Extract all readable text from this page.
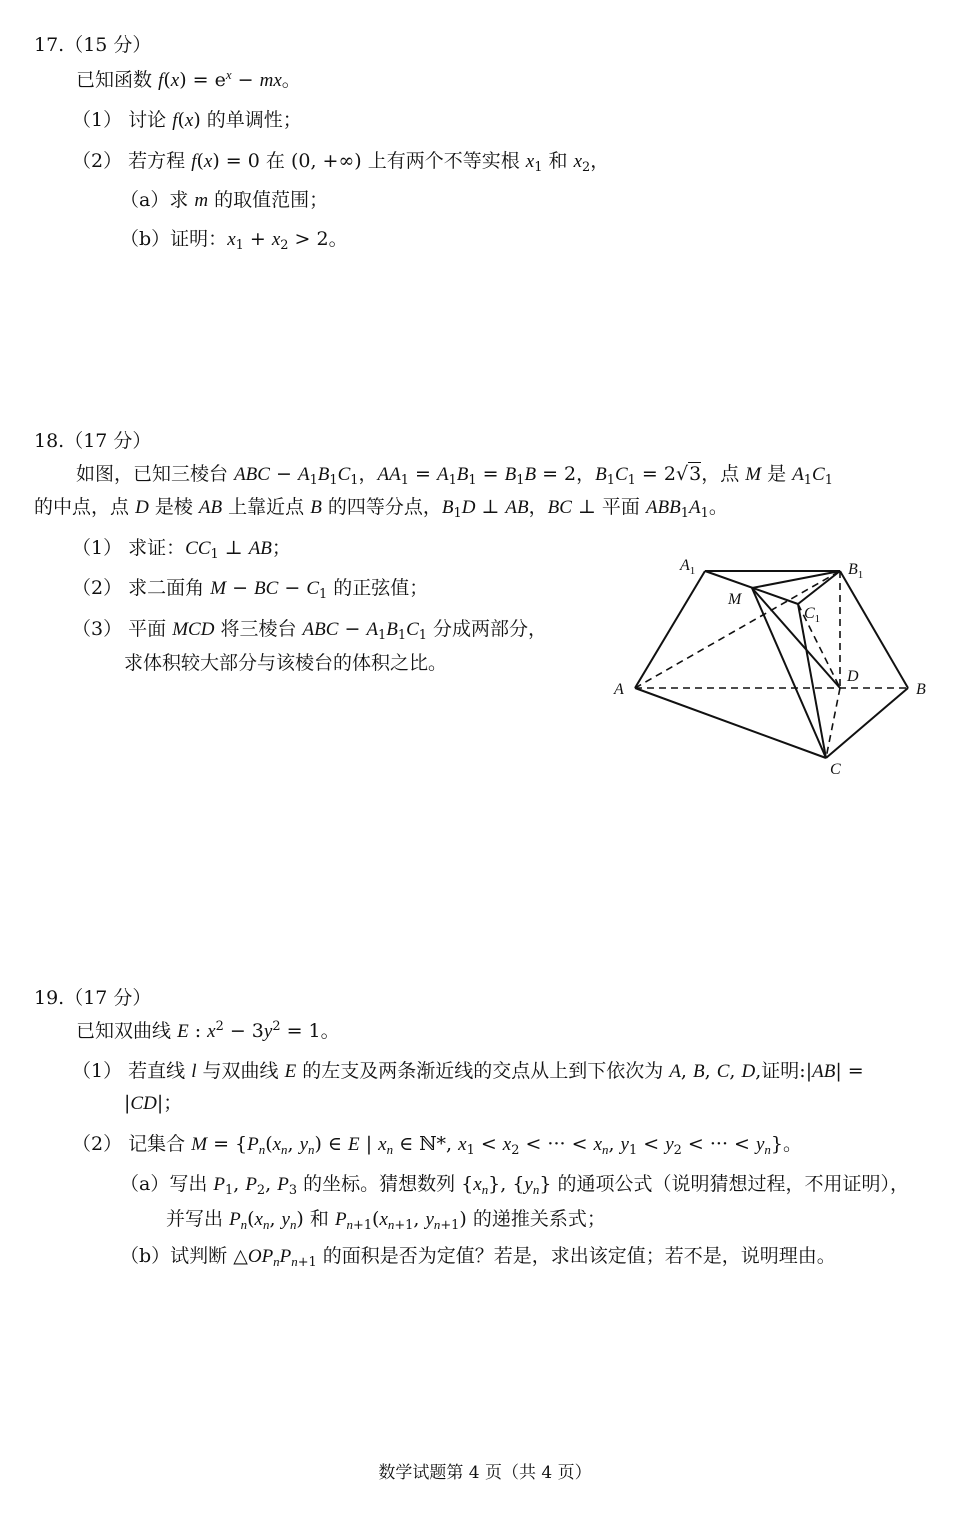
17.（15 分）
已知函数 $f(x) = e^x$ − mx。
（1） 讨论 f(x) 的单调性；
（2） 若方程 f(x) = 0 在 (0, +∞) 上有两个不等实根 $x_1$ 和 $x_2$，
（a）求 m 的取值范围；
（b）证明：$x_1 + x_2 > 2$。
18.（17 分）
如图，已知三棱台 ABC − $A_1B_1C_1$，$AA_1 = A_1B_1 = B_1B = 2$，$B_1C_1 = 2√3$，点 M 是 $A_1C_1$
的中点，点 D 是棱 AB 上靠近点 B 的四等分点，$B_1D$ ⊥ AB，BC ⊥ 平面 $ABB_1A_1$。
（1） 求证：$CC_1$ ⊥ AB；
（2） 求二面角 M − BC − $C_1$ 的正弦值；
（3） 平面 MCD 将三棱台 ABC − $A_1B_1C_1$ 分成两部分，
求体积较大部分与该棱台的体积之比。
$A_1$	$B_1$
M
$C_1$
D
A	B
C
19.（17 分）
已知双曲线 E : $x^2 - 3y^2 = 1$。
（1） 若直线 l 与双曲线 E 的左支及两条渐近线的交点从上到下依次为 A, B, C, D,证明:|AB| =
|CD|；
（2） 记集合 $M = \{P_n(x_n$, $y_n$) ∈ E | $x_n$ ∈ ℕ*, $x_1 < x_2$ < ··· < $x_n$, $y_1 < y_2$ < ··· < $y_n$}。
（a）写出 $P_1$, $P_2$, $P_3$ 的坐标。猜想数列 $\{x_n\}$, $\{y_n\}$ 的通项公式（说明猜想过程，不用证明），
并写出 $P_n(x_n$, $y_n$) 和 $P_{n+1}(x_{n+1}$, $y_{n+1}$) 的递推关系式；
（b）试判断 $\triangle OP_nP_{n+1}$ 的面积是否为定值？若是，求出该定值；若不是，说明理由。
数学试题第 4 页（共 4 页）
